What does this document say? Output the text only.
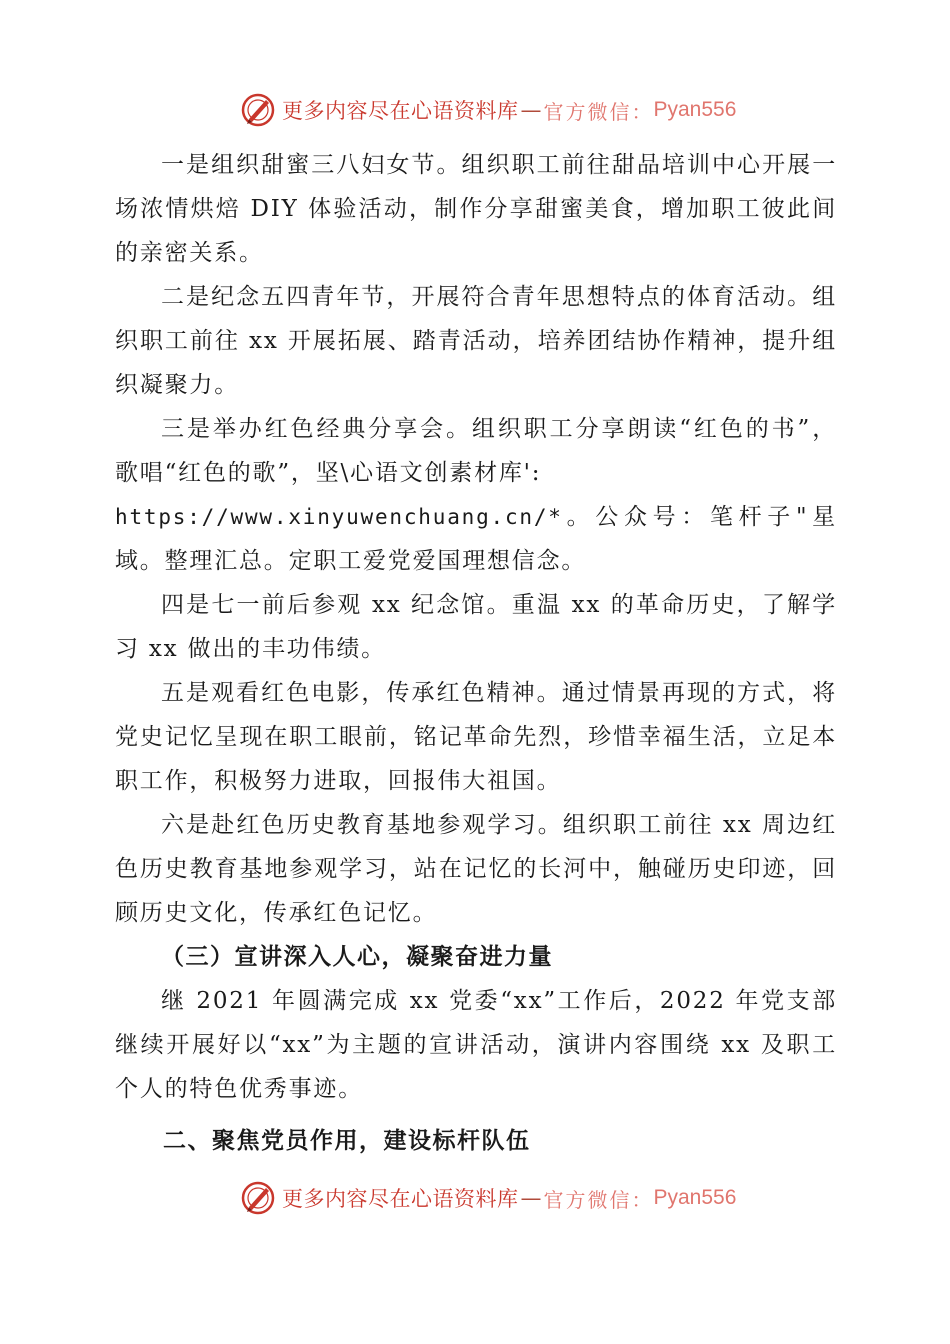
更多内容尽在心语资料库 — 官方微信： Pyan556

一是组织甜蜜三八妇女节。组织职工前往甜品培训中心开展一场浓情烘焙 DIY 体验活动，制作分享甜蜜美食，增加职工彼此间的亲密关系。

二是纪念五四青年节，开展符合青年思想特点的体育活动。组织职工前往 xx 开展拓展、踏青活动，培养团结协作精神，提升组织凝聚力。

三是举办红色经典分享会。组织职工分享朗读“红色的书”， 歌唱“红色的歌”，坚\心语文创素材库':

https://www.xinyuwenchuang.cn/*。公众号：笔杆子"星域。整理汇总。定职工爱党爱国理想信念。

四是七一前后参观 xx 纪念馆。重温 xx 的革命历史，了解学习 xx 做出的丰功伟绩。

五是观看红色电影，传承红色精神。通过情景再现的方式，将党史记忆呈现在职工眼前，铭记革命先烈，珍惜幸福生活，立足本职工作，积极努力进取，回报伟大祖国。

六是赴红色历史教育基地参观学习。组织职工前往 xx 周边红色历史教育基地参观学习，站在记忆的长河中，触碰历史印迹，回顾历史文化，传承红色记忆。

（三）宣讲深入人心，凝聚奋进力量

继 2021 年圆满完成 xx 党委“xx”工作后，2022 年党支部继续开展好以“xx”为主题的宣讲活动，演讲内容围绕 xx 及职工个人的特色优秀事迹。

二、聚焦党员作用，建设标杆队伍

更多内容尽在心语资料库 — 官方微信： Pyan556
